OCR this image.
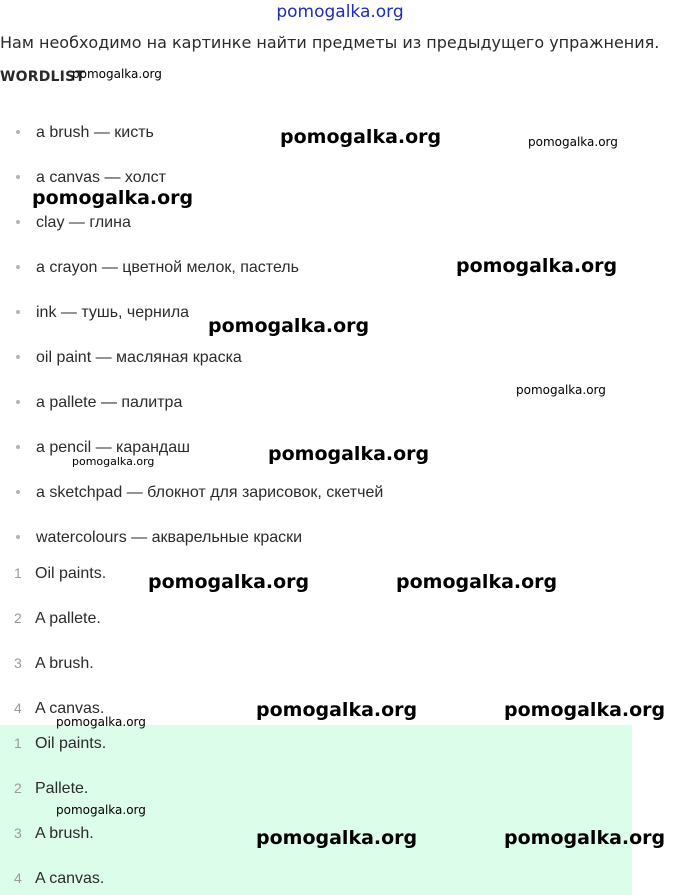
pomogalka.org
Нам необходимо на картинке найти предметы из предыдущего упражнения.
WORDLIST
a brush — кисть
a canvas — холст
clay — глина
a crayon — цветной мелок, пастель
ink — тушь, чернила
oil paint — масляная краска
a pallete — палитра
a pencil — карандаш
a sketchpad — блокнот для зарисовок, скетчей
watercolours — акварельные краски
1 Oil paints.
2 A pallete.
3 A brush.
4 A canvas.
1 Oil paints.
2 Pallete.
3 A brush.
4 A canvas.
pomogalka.org
pomogalka.org	pomogalka.org
pomogalka.org
pomogalka.org
pomogalka.org
pomogalka.org
pomogalka.org
pomogalka.org
pomogalka.org	pomogalka.org
pomogalka.org	pomogalka.org
pomogalka.org
pomogalka.org
pomogalka.org	pomogalka.org
